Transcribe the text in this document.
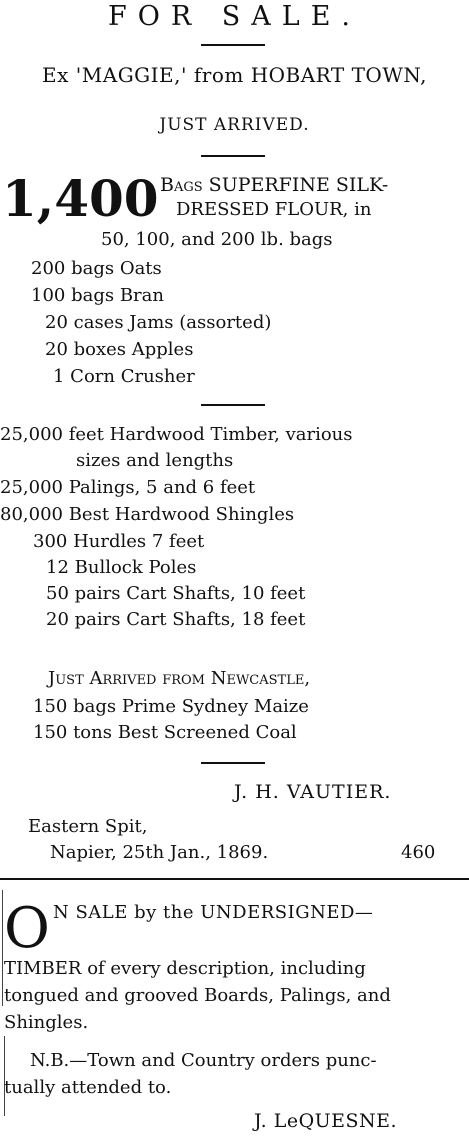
FOR SALE.
Ex 'MAGGIE,' from HOBART TOWN,
JUST ARRIVED.
1,400 Bags SUPERFINE SILK-
DRESSED FLOUR, in
50, 100, and 200 lb. bags
200 bags Oats
100 bags Bran
20 cases Jams (assorted)
20 boxes Apples
1 Corn Crusher
25,000 feet Hardwood Timber, various
sizes and lengths
25,000 Palings, 5 and 6 feet
80,000 Best Hardwood Shingles
300 Hurdles 7 feet
12 Bullock Poles
50 pairs Cart Shafts, 10 feet
20 pairs Cart Shafts, 18 feet
Just Arrived from Newcastle,
150 bags Prime Sydney Maize
150 tons Best Screened Coal
J. H. VAUTIER.
Eastern Spit,
Napier, 25th Jan., 1869.	460
O N SALE by the UNDERSIGNED—
TIMBER of every description, including
tongued and grooved Boards, Palings, and
Shingles.
N.B.—Town and Country orders punc-
tually attended to.
J. LeQUESNE.
